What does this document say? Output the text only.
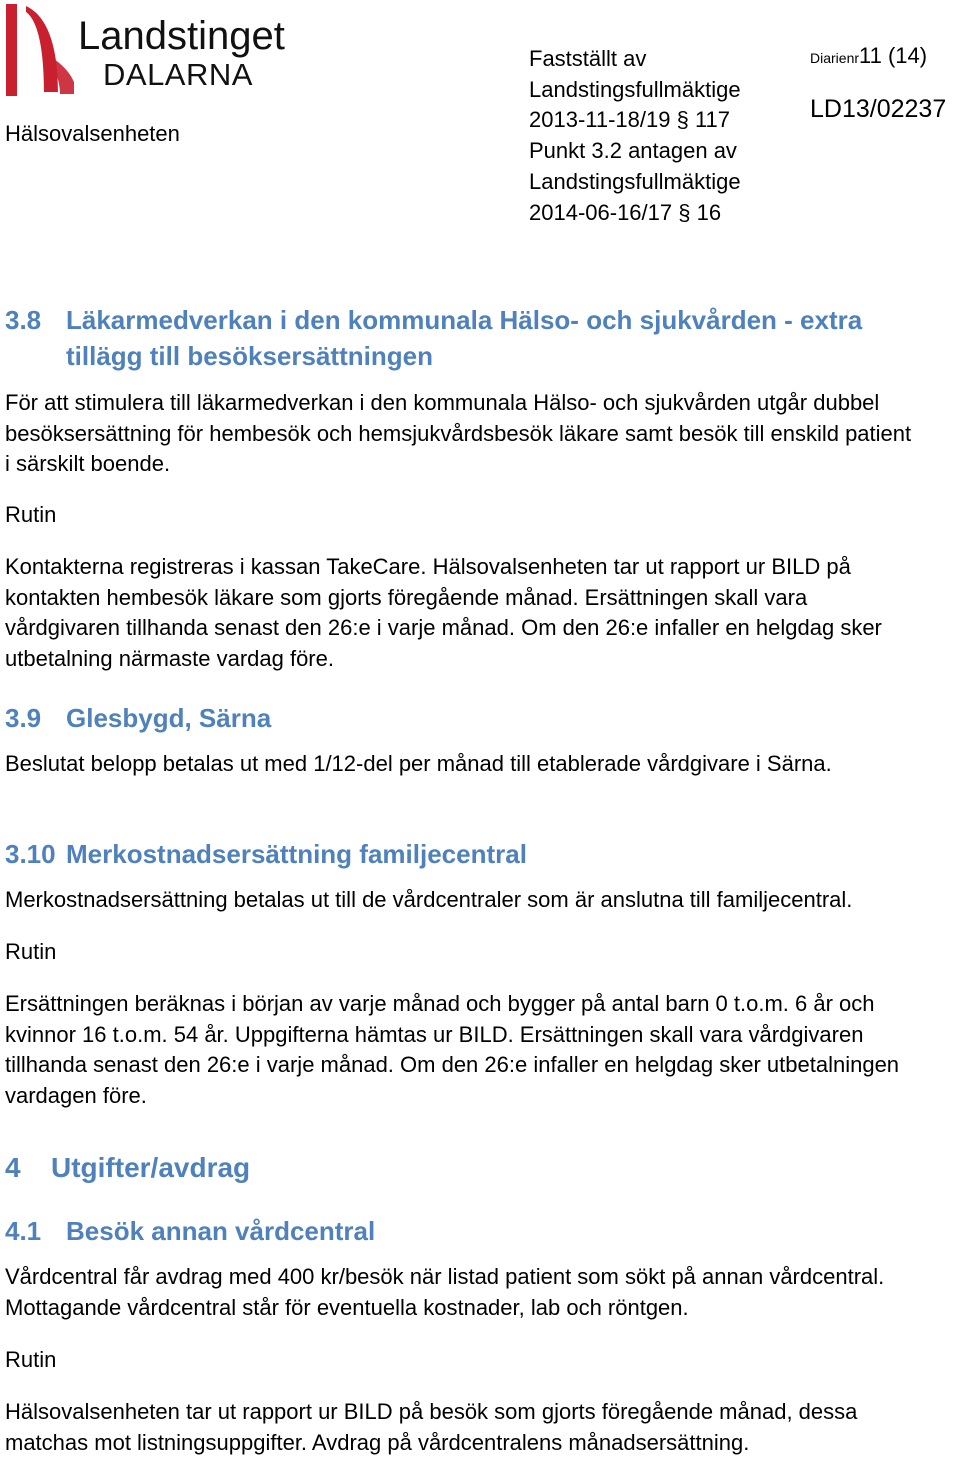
Landstinget
DALARNA
Hälsovalsenheten
Fastställt av
Landstingsfullmäktige
2013-11-18/19 § 117
Punkt 3.2 antagen av
Landstingsfullmäktige
2014-06-16/17 § 16
Diarienr11 (14)
LD13/02237
3.8 Läkarmedverkan i den kommunala Hälso- och sjukvården - extra
tillägg till besöksersättningen
För att stimulera till läkarmedverkan i den kommunala Hälso- och sjukvården utgår dubbel
besöksersättning för hembesök och hemsjukvårdsbesök läkare samt besök till enskild patient
i särskilt boende.
Rutin
Kontakterna registreras i kassan TakeCare. Hälsovalsenheten tar ut rapport ur BILD på
kontakten hembesök läkare som gjorts föregående månad. Ersättningen skall vara
vårdgivaren tillhanda senast den 26:e i varje månad. Om den 26:e infaller en helgdag sker
utbetalning närmaste vardag före.
3.9 Glesbygd, Särna
Beslutat belopp betalas ut med 1/12-del per månad till etablerade vårdgivare i Särna.
3.10 Merkostnadsersättning familjecentral
Merkostnadsersättning betalas ut till de vårdcentraler som är anslutna till familjecentral.
Rutin
Ersättningen beräknas i början av varje månad och bygger på antal barn 0 t.o.m. 6 år och
kvinnor 16 t.o.m. 54 år. Uppgifterna hämtas ur BILD. Ersättningen skall vara vårdgivaren
tillhanda senast den 26:e i varje månad. Om den 26:e infaller en helgdag sker utbetalningen
vardagen före.
4 Utgifter/avdrag
4.1 Besök annan vårdcentral
Vårdcentral får avdrag med 400 kr/besök när listad patient som sökt på annan vårdcentral.
Mottagande vårdcentral står för eventuella kostnader, lab och röntgen.
Rutin
Hälsovalsenheten tar ut rapport ur BILD på besök som gjorts föregående månad, dessa
matchas mot listningsuppgifter. Avdrag på vårdcentralens månadsersättning.
